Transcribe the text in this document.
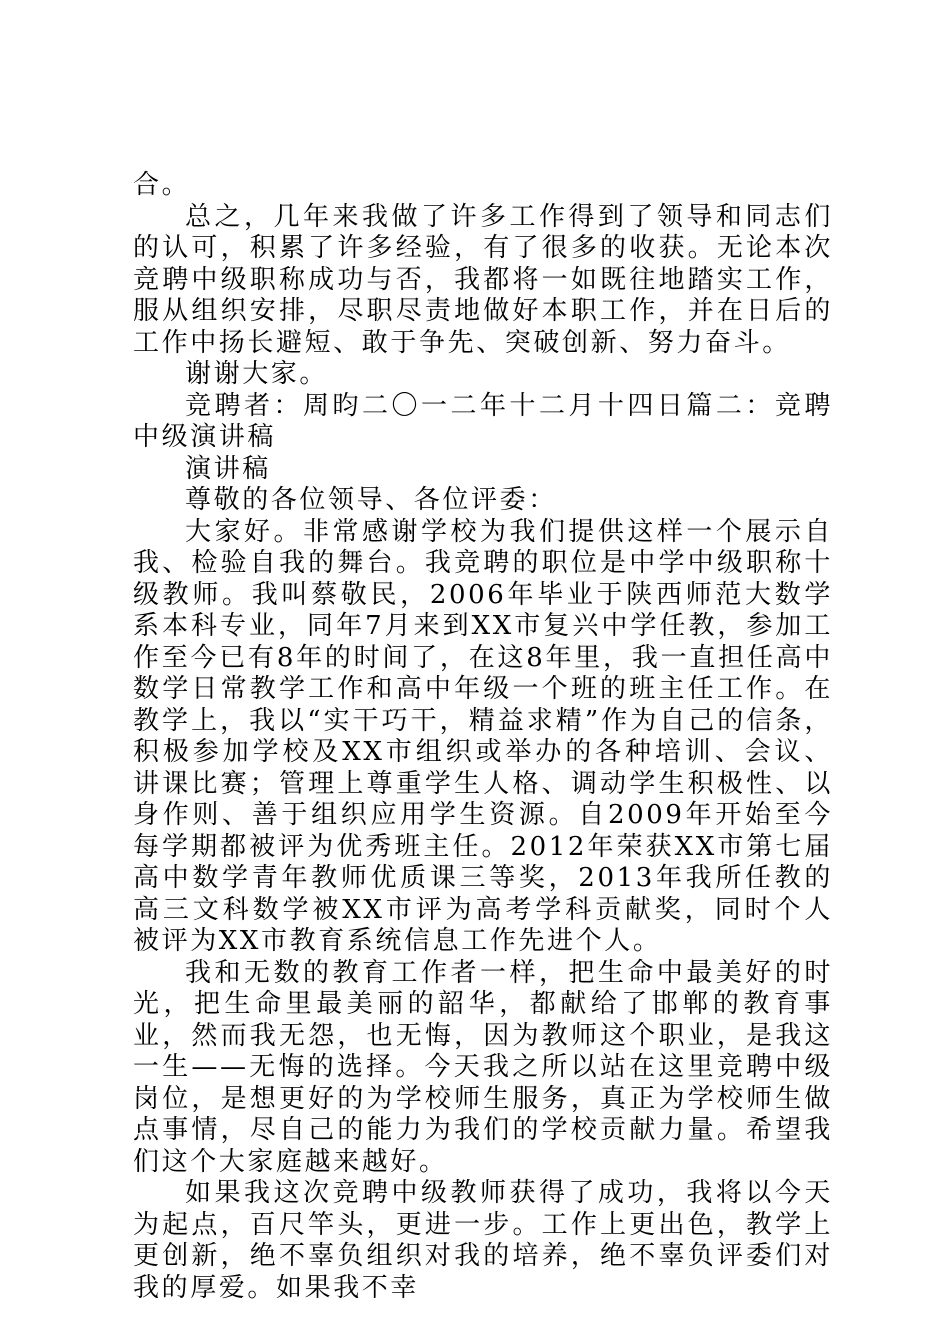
合。

总之，几年来我做了许多工作得到了领导和同志们的认可，积累了许多经验，有了很多的收获。无论本次竞聘中级职称成功与否，我都将一如既往地踏实工作，服从组织安排，尽职尽责地做好本职工作，并在日后的工作中扬长避短、敢于争先、突破创新、努力奋斗。

谢谢大家。

竞聘者：周昀二〇一二年十二月十四日篇二：竞聘中级演讲稿

演讲稿

尊敬的各位领导、各位评委：

大家好。非常感谢学校为我们提供这样一个展示自我、检验自我的舞台。我竞聘的职位是中学中级职称十级教师。我叫蔡敬民，2006年毕业于陕西师范大数学系本科专业，同年7月来到XX市复兴中学任教，参加工作至今已有8年的时间了，在这8年里，我一直担任高中数学日常教学工作和高中年级一个班的班主任工作。在教学上，我以“实干巧干，精益求精”作为自己的信条，积极参加学校及XX市组织或举办的各种培训、会议、讲课比赛；管理上尊重学生人格、调动学生积极性、以身作则、善于组织应用学生资源。自2009年开始至今每学期都被评为优秀班主任。2012年荣获XX市第七届高中数学青年教师优质课三等奖，2013年我所任教的高三文科数学被XX市评为高考学科贡献奖，同时个人被评为XX市教育系统信息工作先进个人。

我和无数的教育工作者一样，把生命中最美好的时光，把生命里最美丽的韶华，都献给了邯郸的教育事业，然而我无怨，也无悔，因为教师这个职业，是我这一生——无悔的选择。今天我之所以站在这里竞聘中级岗位，是想更好的为学校师生服务，真正为学校师生做点事情，尽自己的能力为我们的学校贡献力量。希望我们这个大家庭越来越好。

如果我这次竞聘中级教师获得了成功，我将以今天为起点，百尺竿头，更进一步。工作上更出色，教学上更创新，绝不辜负组织对我的培养，绝不辜负评委们对我的厚爱。如果我不幸
